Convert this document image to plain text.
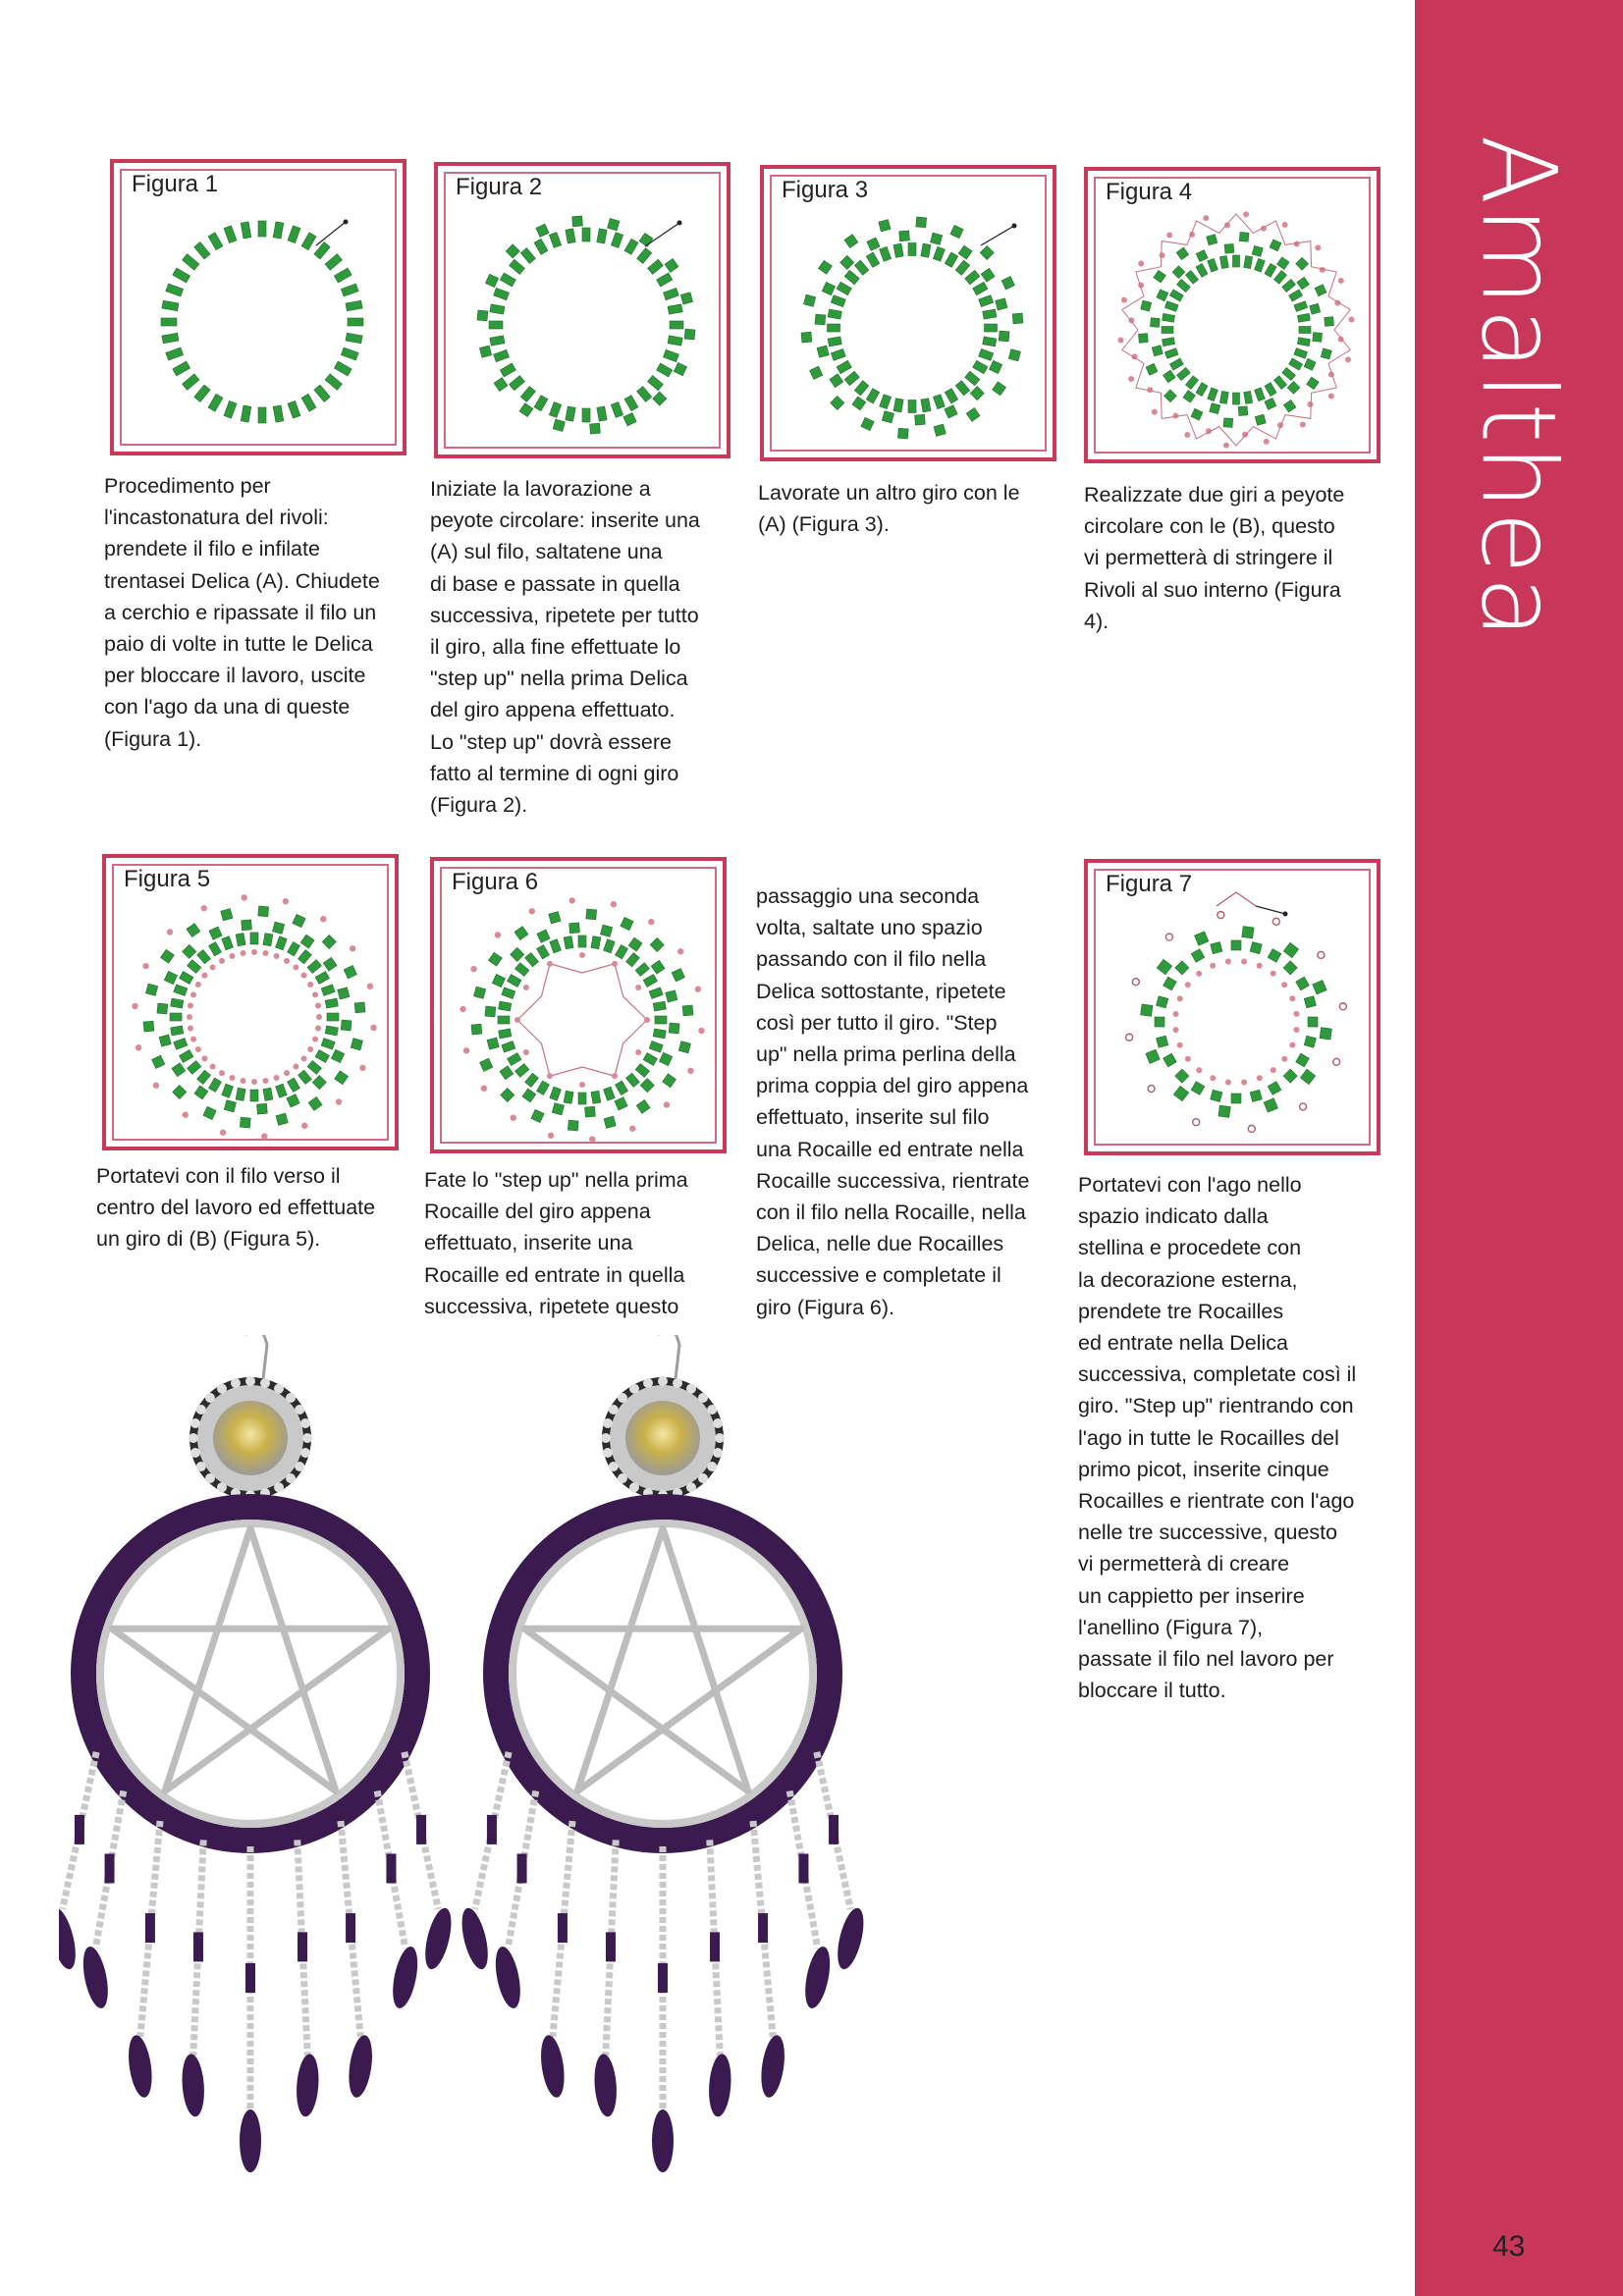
Amalthea
Figura 1	Figura 2	Figura 3	Figura 4
Procedimento per
l'incastonatura del rivoli:
prendete il filo e infilate
trentasei Delica (A). Chiudete
a cerchio e ripassate il filo un
paio di volte in tutte le Delica
per bloccare il lavoro, uscite
con l'ago da una di queste
(Figura 1).
Iniziate la lavorazione a
peyote circolare: inserite una
(A) sul filo, saltatene una
di base e passate in quella
successiva, ripetete per tutto
il giro, alla fine effettuate lo
"step up" nella prima Delica
del giro appena effettuato.
Lo "step up" dovrà essere
fatto al termine di ogni giro
(Figura 2).
Lavorate un altro giro con le
(A) (Figura 3).
Realizzate due giri a peyote
circolare con le (B), questo
vi permetterà di stringere il
Rivoli al suo interno (Figura
4).
Figura 5	Figura 6	Figura 7
Portatevi con il filo verso il
centro del lavoro ed effettuate
un giro di (B) (Figura 5).
Fate lo "step up" nella prima
Rocaille del giro appena
effettuato, inserite una
Rocaille ed entrate in quella
successiva, ripetete questo
passaggio una seconda
volta, saltate uno spazio
passando con il filo nella
Delica sottostante, ripetete
così per tutto il giro. "Step
up" nella prima perlina della
prima coppia del giro appena
effettuato, inserite sul filo
una Rocaille ed entrate nella
Rocaille successiva, rientrate
con il filo nella Rocaille, nella
Delica, nelle due Rocailles
successive e completate il
giro (Figura 6).
Portatevi con l'ago nello
spazio indicato dalla
stellina e procedete con
la decorazione esterna,
prendete tre Rocailles
ed entrate nella Delica
successiva, completate così il
giro. "Step up" rientrando con
l'ago in tutte le Rocailles del
primo picot, inserite cinque
Rocailles e rientrate con l'ago
nelle tre successive, questo
vi permetterà di creare
un cappietto per inserire
l'anellino (Figura 7),
passate il filo nel lavoro per
bloccare il tutto.
43
